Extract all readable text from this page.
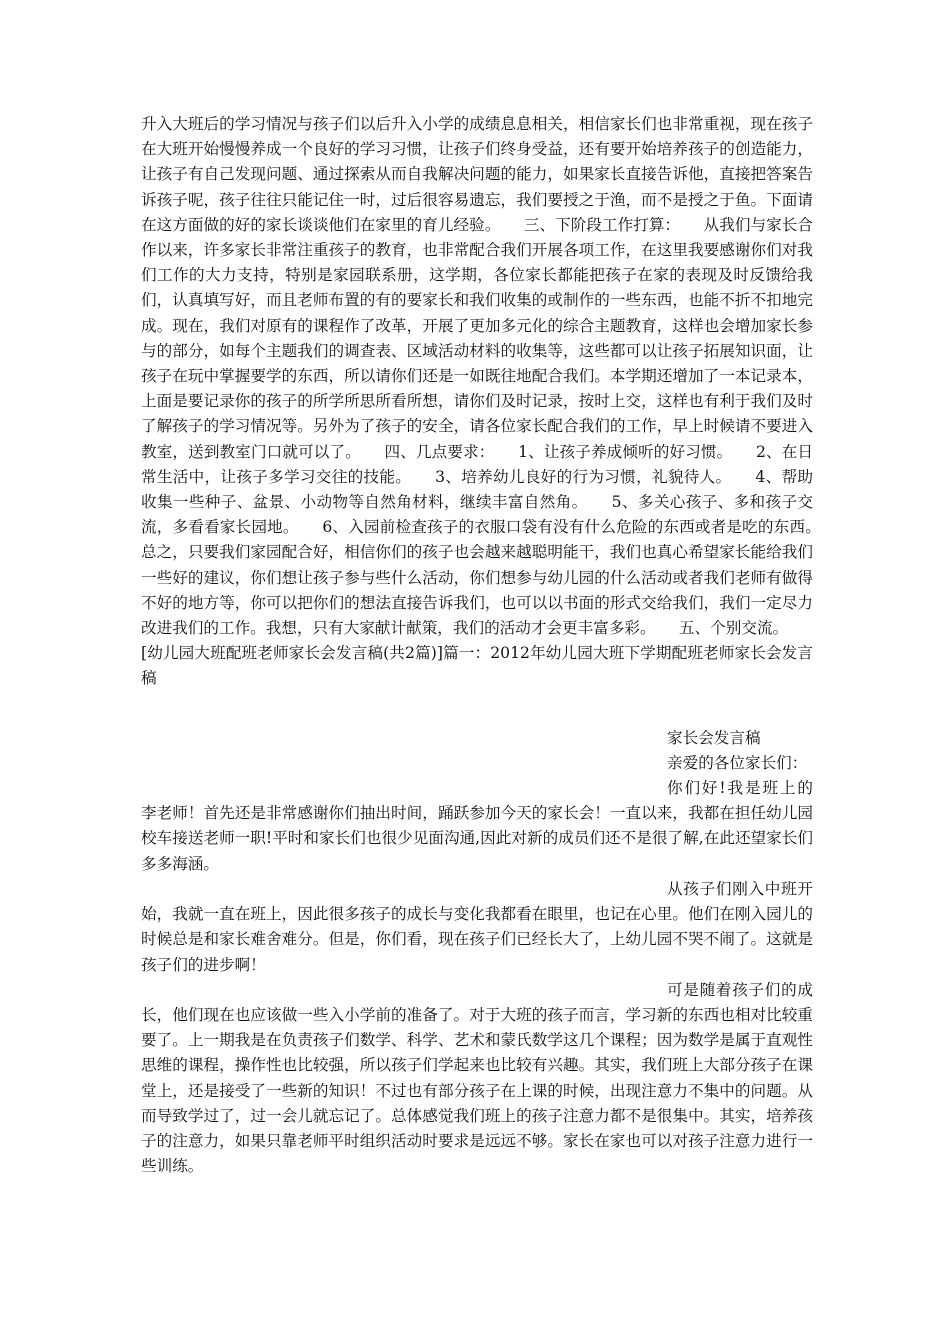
升入大班后的学习情况与孩子们以后升入小学的成绩息息相关，相信家长们也非常重视，现在孩子在大班开始慢慢养成一个良好的学习习惯，让孩子们终身受益，还有要开始培养孩子的创造能力，让孩子有自己发现问题、通过探索从而自我解决问题的能力，如果家长直接告诉他，直接把答案告诉孩子呢，孩子往往只能记住一时，过后很容易遗忘，我们要授之于渔，而不是授之于鱼。下面请在这方面做的好的家长谈谈他们在家里的育儿经验。　　三、下阶段工作打算：　　从我们与家长合作以来，许多家长非常注重孩子的教育，也非常配合我们开展各项工作，在这里我要感谢你们对我们工作的大力支持，特别是家园联系册，这学期，各位家长都能把孩子在家的表现及时反馈给我们，认真填写好，而且老师布置的有的要家长和我们收集的或制作的一些东西，也能不折不扣地完成。现在，我们对原有的课程作了改革，开展了更加多元化的综合主题教育，这样也会增加家长参与的部分，如每个主题我们的调查表、区域活动材料的收集等，这些都可以让孩子拓展知识面，让孩子在玩中掌握要学的东西，所以请你们还是一如既往地配合我们。本学期还增加了一本记录本，上面是要记录你的孩子的所学所思所看所想，请你们及时记录，按时上交，这样也有利于我们及时了解孩子的学习情况等。另外为了孩子的安全，请各位家长配合我们的工作，早上时候请不要进入教室，送到教室门口就可以了。　　四、几点要求：　　1、让孩子养成倾听的好习惯。　　2、在日常生活中，让孩子多学习交往的技能。　　3、培养幼儿良好的行为习惯，礼貌待人。　　4、帮助收集一些种子、盆景、小动物等自然角材料，继续丰富自然角。　　5、多关心孩子、多和孩子交流，多看看家长园地。　　6、入园前检查孩子的衣服口袋有没有什么危险的东西或者是吃的东西。　　总之，只要我们家园配合好，相信你们的孩子也会越来越聪明能干，我们也真心希望家长能给我们一些好的建议，你们想让孩子参与些什么活动，你们想参与幼儿园的什么活动或者我们老师有做得不好的地方等，你可以把你们的想法直接告诉我们，也可以以书面的形式交给我们，我们一定尽力改进我们的工作。我想，只有大家献计献策，我们的活动才会更丰富多彩。　　五、个别交流。

[幼儿园大班配班老师家长会发言稿(共2篇)]篇一：2012年幼儿园大班下学期配班老师家长会发言稿

家长会发言稿

亲爱的各位家长们：

你们好!我是班上的李老师！首先还是非常感谢你们抽出时间，踊跃参加今天的家长会！一直以来，我都在担任幼儿园校车接送老师一职!平时和家长们也很少见面沟通,因此对新的成员们还不是很了解,在此还望家长们多多海涵。

从孩子们刚入中班开始，我就一直在班上，因此很多孩子的成长与变化我都看在眼里，也记在心里。他们在刚入园儿的时候总是和家长难舍难分。但是，你们看，现在孩子们已经长大了，上幼儿园不哭不闹了。这就是孩子们的进步啊！

可是随着孩子们的成长，他们现在也应该做一些入小学前的准备了。对于大班的孩子而言，学习新的东西也相对比较重要了。上一期我是在负责孩子们数学、科学、艺术和蒙氏数学这几个课程；因为数学是属于直观性思维的课程，操作性也比较强，所以孩子们学起来也比较有兴趣。其实，我们班上大部分孩子在课堂上，还是接受了一些新的知识！不过也有部分孩子在上课的时候，出现注意力不集中的问题。从而导致学过了，过一会儿就忘记了。总体感觉我们班上的孩子注意力都不是很集中。其实，培养孩子的注意力，如果只靠老师平时组织活动时要求是远远不够。家长在家也可以对孩子注意力进行一些训练。
